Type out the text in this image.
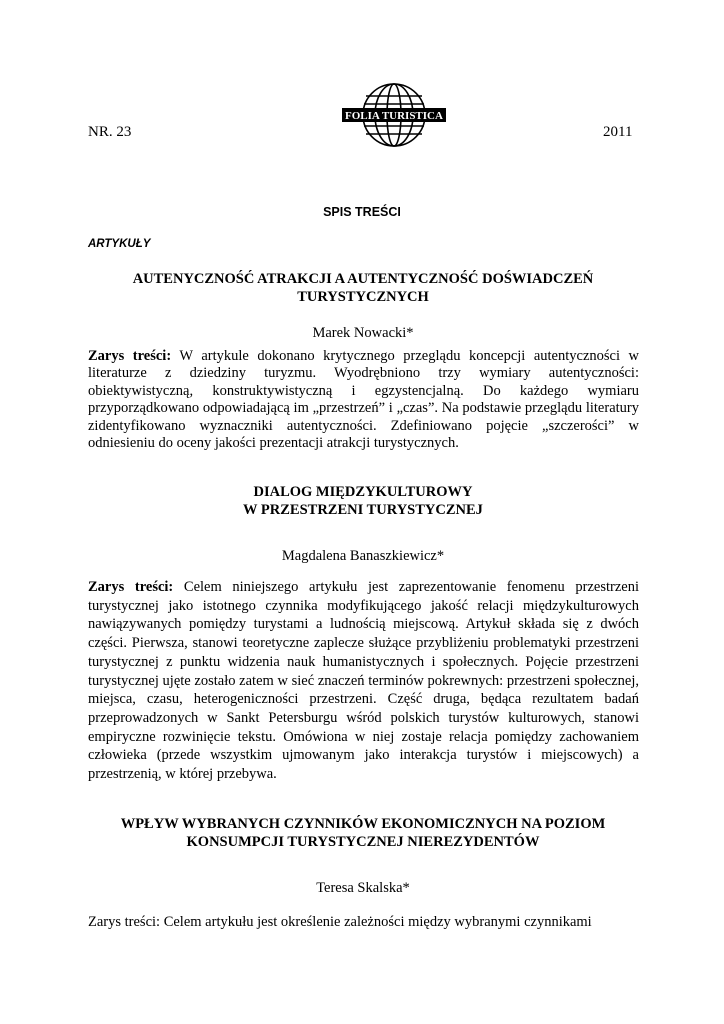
FOLIA TURISTICA
NR. 23	2011
SPIS TREŚCI
ARTYKUŁY
AUTENYCZNOŚĆ ATRAKCJI A AUTENTYCZNOŚĆ DOŚWIADCZEŃ
TURYSTYCZNYCH
Marek Nowacki*
Zarys treści: W artykule dokonano krytycznego przeglądu koncepcji autentyczności w literaturze z dziedziny turyzmu. Wyodrębniono trzy wymiary autentyczności: obiektywistyczną, konstruktywistyczną i egzystencjalną. Do każdego wymiaru przyporządkowano odpowiadającą im „przestrzeń” i „czas”. Na podstawie przeglądu literatury zidentyfikowano wyznaczniki autentyczności. Zdefiniowano pojęcie „szczerości” w odniesieniu do oceny jakości prezentacji atrakcji turystycznych.
DIALOG MIĘDZYKULTUROWY
W PRZESTRZENI TURYSTYCZNEJ
Magdalena Banaszkiewicz*
Zarys treści: Celem niniejszego artykułu jest zaprezentowanie fenomenu przestrzeni turystycznej jako istotnego czynnika modyfikującego jakość relacji międzykulturowych nawiązywanych pomiędzy turystami a ludnością miejscową. Artykuł składa się z dwóch części. Pierwsza, stanowi teoretyczne zaplecze służące przybliżeniu problematyki przestrzeni turystycznej z punktu widzenia nauk humanistycznych i społecznych. Pojęcie przestrzeni turystycznej ujęte zostało zatem w sieć znaczeń terminów pokrewnych: przestrzeni społecznej, miejsca, czasu, heterogeniczności przestrzeni. Część druga, będąca rezultatem badań przeprowadzonych w Sankt Petersburgu wśród polskich turystów kulturowych, stanowi empiryczne rozwinięcie tekstu. Omówiona w niej zostaje relacja pomiędzy zachowaniem człowieka (przede wszystkim ujmowanym jako interakcja turystów i miejscowych) a przestrzenią, w której przebywa.
WPŁYW WYBRANYCH CZYNNIKÓW EKONOMICZNYCH NA POZIOM
KONSUMPCJI TURYSTYCZNEJ NIEREZYDENTÓW
Teresa Skalska*
Zarys treści: Celem artykułu jest określenie zależności między wybranymi czynnikami
